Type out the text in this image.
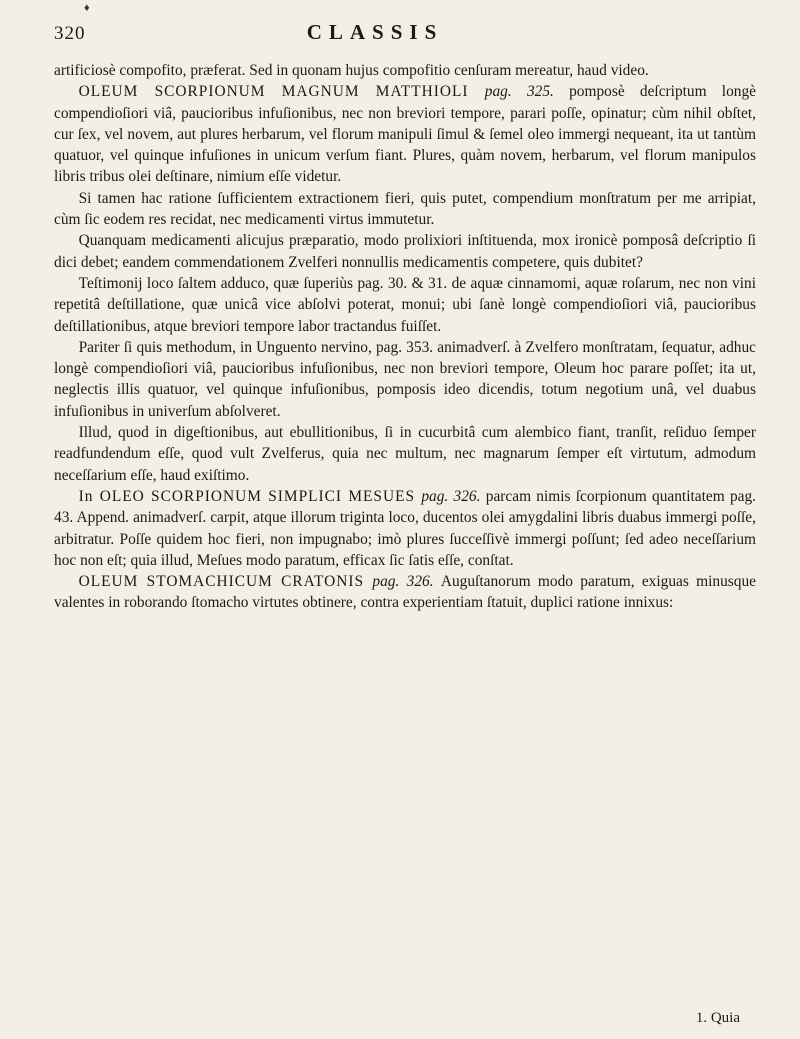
♦
320	CLASSIS

artificiosè compofito, præferat. Sed in quonam hujus compofitio cenſuram mereatur, haud video.

OLEUM SCORPIONUM MAGNUM MATTHIOLI pag. 325. pomposè deſcriptum longè compendioſiori viâ, paucioribus infuſionibus, nec non breviori tempore, parari poſſe, opinatur; cùm nihil obſtet, cur ſex, vel novem, aut plures herbarum, vel florum manipuli ſimul & ſemel oleo immergi nequeant, ita ut tantùm quatuor, vel quinque infuſiones in unicum verſum fiant. Plures, quàm novem, herbarum, vel florum manipulos libris tribus olei deſtinare, nimium eſſe videtur.

Si tamen hac ratione ſufficientem extractionem fieri, quis putet, compendium monſtratum per me arripiat, cùm ſic eodem res recidat, nec medicamenti virtus immutetur.

Quanquam medicamenti alicujus præparatio, modo prolixiori inſtituenda, mox ironicè pomposâ deſcriptio ſi dici debet; eandem commendationem Zvelferi nonnullis medicamentis competere, quis dubitet?

Teſtimonij loco ſaltem adduco, quæ ſuperiùs pag. 30. & 31. de aquæ cinnamomi, aquæ roſarum, nec non vini repetitâ deſtillatione, quæ unicâ vice abſolvi poterat, monui; ubi ſanè longè compendioſiori viâ, paucioribus deſtillationibus, atque breviori tempore labor tractandus fuiſſet.

Pariter ſi quis methodum, in Unguento nervino, pag. 353. animadverſ. à Zvelfero monſtratam, ſequatur, adhuc longè compendioſiori viâ, paucioribus infuſionibus, nec non breviori tempore, Oleum hoc parare poſſet; ita ut, neglectis illis quatuor, vel quinque infuſionibus, pomposis ideo dicendis, totum negotium unâ, vel duabus infuſionibus in univerſum abſolveret.

Illud, quod in digeſtionibus, aut ebullitionibus, ſi in cucurbitâ cum alembico fiant, tranſit, reſiduo ſemper readfundendum eſſe, quod vult Zvelferus, quia nec multum, nec magnarum ſemper eſt virtutum, admodum neceſſarium eſſe, haud exiſtimo.

In OLEO SCORPIONUM SIMPLICI MESUES pag. 326. parcam nimis ſcorpionum quantitatem pag. 43. Append. animadverſ. carpit, atque illorum triginta loco, ducentos olei amygdalini libris duabus immergi poſſe, arbitratur. Poſſe quidem hoc fieri, non impugnabo; imò plures ſucceſſivè immergi poſſunt; ſed adeo neceſſarium hoc non eſt; quia illud, Meſues modo paratum, efficax ſic ſatis eſſe, conſtat.

OLEUM STOMACHICUM CRATONIS pag. 326. Auguſtanorum modo paratum, exiguas minusque valentes in roborando ſtomacho virtutes obtinere, contra experientiam ſtatuit, duplici ratione innixus:

1. Quia
